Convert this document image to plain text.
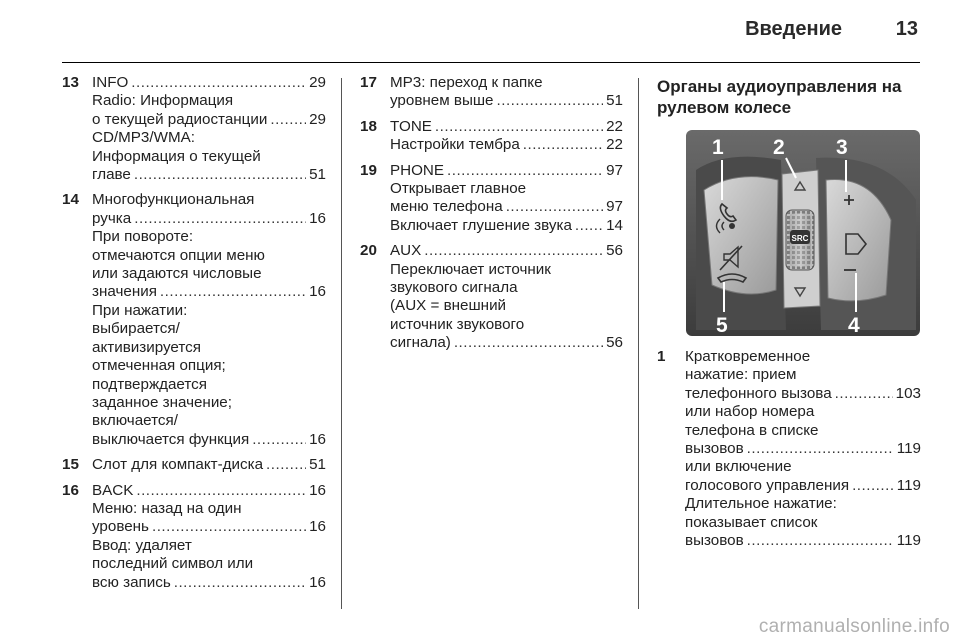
Введение	13
13 INFO .....	29
Radio: Информация
о текущей радиостанции .....	29
CD/MP3/WMA:
Информация о текущей
главе .....	51
14 Многофункциональная
ручка .....	16
При повороте:
отмечаются опции меню
или задаются числовые
значения .....	16
При нажатии:
выбирается/
активизируется
отмеченная опция;
подтверждается
заданное значение;
включается/
выключается функция .....	16
15 Слот для компакт-диска .....	51
16 BACK .....	16
Меню: назад на один
уровень .....	16
Ввод: удаляет
последний символ или
всю запись .....	16
17 MP3: переход к папке
уровнем выше .....	51
18 TONE .....	22
Настройки тембра .....	22
19 PHONE .....	97
Открывает главное
меню телефона .....	97
Включает глушение звука ..... 14
20 AUX .....	56
Переключает источник
звукового сигнала
(AUX = внешний
источник звукового
сигнала) .....	56
Органы аудиоуправления на
рулевом колесе
SRC
1 2 3
4
5
1 Кратковременное
нажатие: прием
телефонного вызова .....	103
или набор номера
телефона в списке
вызовов .....	119
или включение
голосового управления .....	119
Длительное нажатие:
показывает список
вызовов .....	119
carmanualsonline.info
